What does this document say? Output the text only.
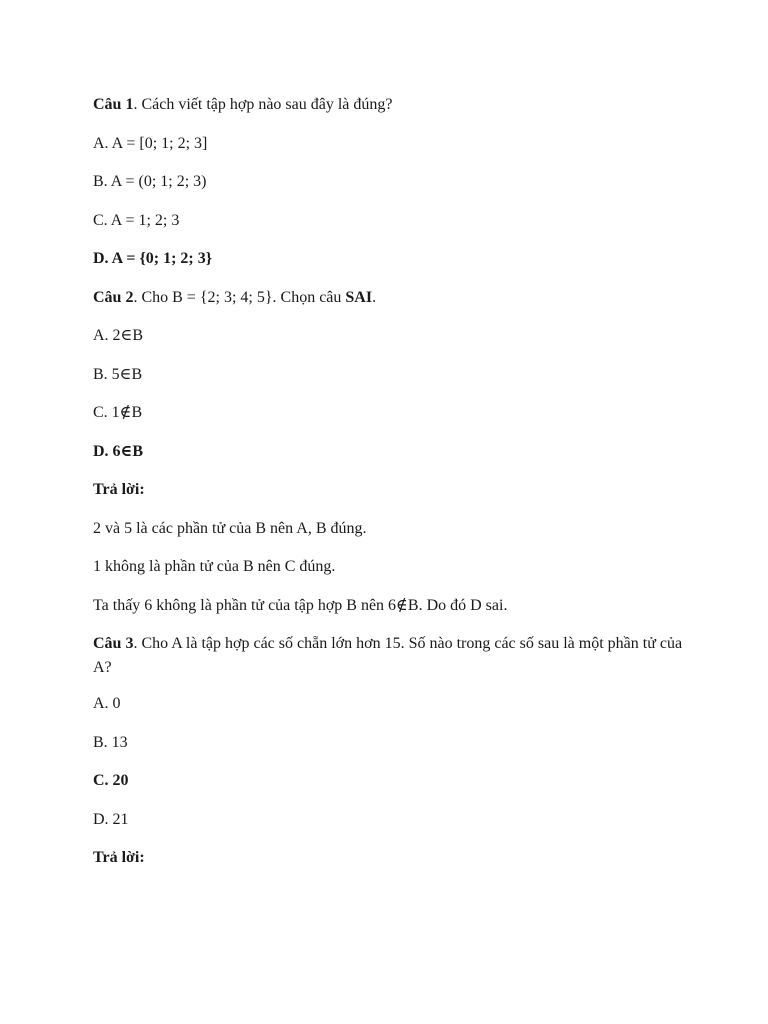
Câu 1. Cách viết tập hợp nào sau đây là đúng?

A. A = [0; 1; 2; 3]

B. A = (0; 1; 2; 3)

C. A = 1; 2; 3

D. A = {0; 1; 2; 3}

Câu 2. Cho B = {2; 3; 4; 5}. Chọn câu SAI.

A. 2∈B

B. 5∈B

C. 1∉B

D. 6∈B

Trả lời:

2 và 5 là các phần tử của B nên A, B đúng.

1 không là phần tử của B nên C đúng.

Ta thấy 6 không là phần tử của tập hợp B nên 6∉B. Do đó D sai.

Câu 3. Cho A là tập hợp các số chẵn lớn hơn 15. Số nào trong các số sau là một phần tử của A?

A. 0

B. 13

C. 20

D. 21

Trả lời:
